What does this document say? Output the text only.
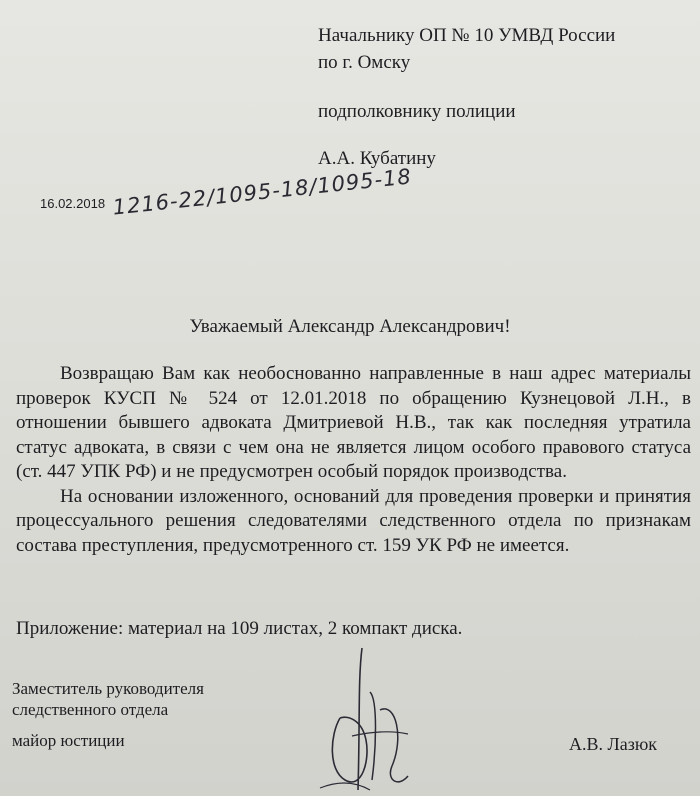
Начальнику ОП № 10 УМВД России
по г. Омску
подполковнику полиции
А.А. Кубатину
16.02.2018 1216-22/1095-18/1095-18
Уважаемый Александр Александрович!

Возвращаю Вам как необоснованно направленные в наш адрес материалы проверок КУСП № 524 от 12.01.2018 по обращению Кузнецовой Л.Н., в отношении бывшего адвоката Дмитриевой Н.В., так как последняя утратила статус адвоката, в связи с чем она не является лицом особого правового статуса (ст. 447 УПК РФ) и не предусмотрен особый порядок производства.

На основании изложенного, оснований для проведения проверки и принятия процессуального решения следователями следственного отдела по признакам состава преступления, предусмотренного ст. 159 УК РФ не имеется.

Приложение: материал на 109 листах, 2 компакт диска.
Заместитель руководителя
следственного отдела
майор юстиции	А.В. Лазюк
